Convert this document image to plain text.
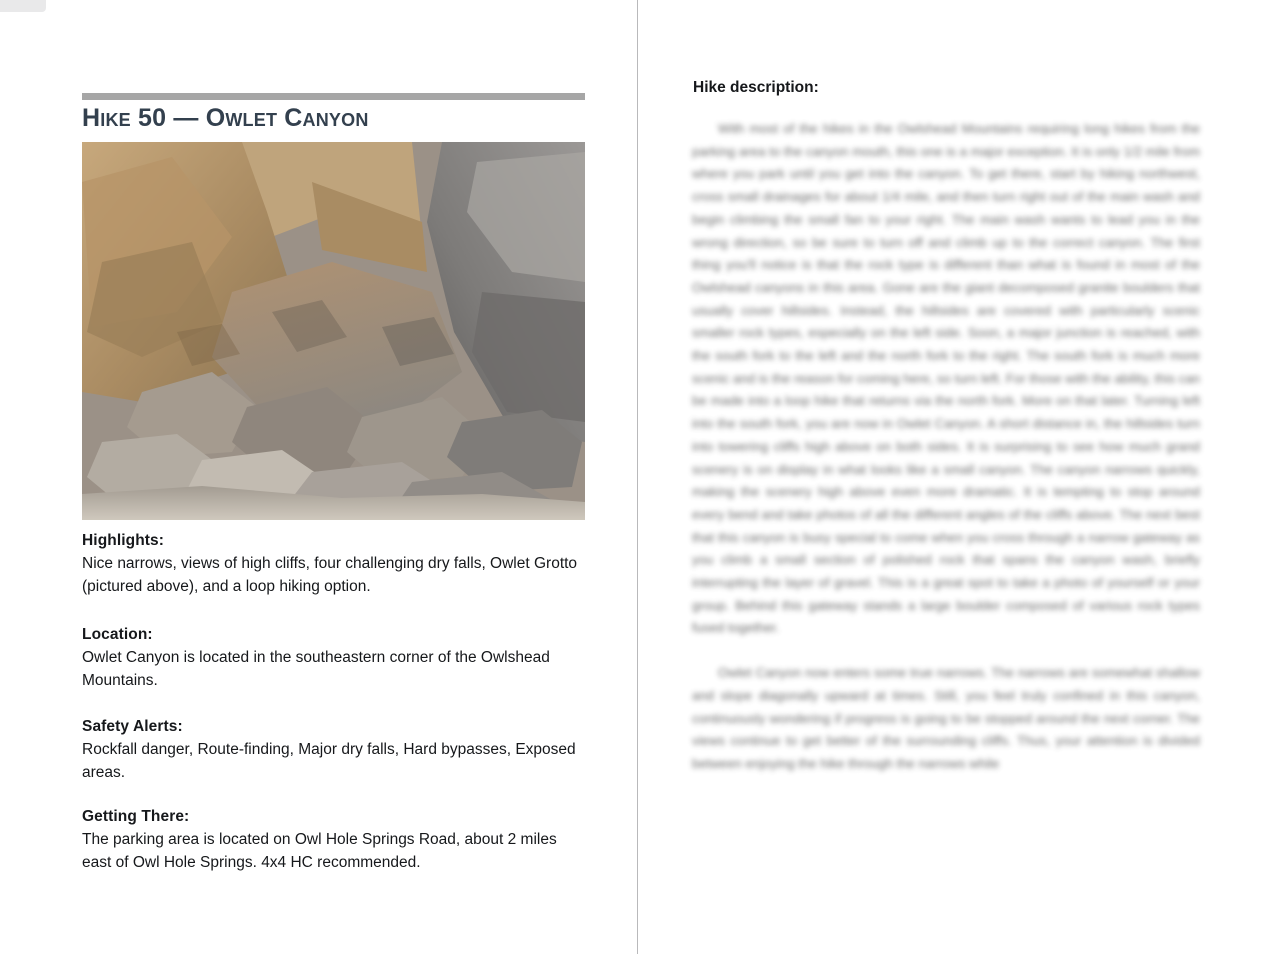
Hike 50 — Owlet Canyon
Highlights:

Nice narrows, views of high cliffs, four challenging dry falls, Owlet Grotto (pictured above), and a loop hiking option.

Location:

Owlet Canyon is located in the southeastern corner of the Owlshead Mountains.

Safety Alerts:

Rockfall danger, Route-finding, Major dry falls, Hard bypasses, Exposed areas.

Getting There:

The parking area is located on Owl Hole Springs Road, about 2 miles east of Owl Hole Springs. 4x4 HC recommended.

Hike description:

With most of the hikes in the Owlshead Mountains requiring long hikes from the parking area to the canyon mouth, this one is a major exception. It is only 1/2 mile from where you park until you get into the canyon. To get there, start by hiking northwest, cross small drainages for about 1/4 mile, and then turn right out of the main wash and begin climbing the small fan to your right. The main wash wants to lead you in the wrong direction, so be sure to turn off and climb up to the correct canyon. The first thing you'll notice is that the rock type is different than what is found in most of the Owlshead canyons in this area. Gone are the giant decomposed granite boulders that usually cover hillsides. Instead, the hillsides are covered with particularly scenic smaller rock types, especially on the left side. Soon, a major junction is reached, with the south fork to the left and the north fork to the right. The south fork is much more scenic and is the reason for coming here, so turn left. For those with the ability, this can be made into a loop hike that returns via the north fork. More on that later. Turning left into the south fork, you are now in Owlet Canyon. A short distance in, the hillsides turn into towering cliffs high above on both sides. It is surprising to see how much grand scenery is on display in what looks like a small canyon. The canyon narrows quickly, making the scenery high above even more dramatic. It is tempting to stop around every bend and take photos of all the different angles of the cliffs above. The next best that this canyon is busy special to come when you cross through a narrow gateway as you climb a small section of polished rock that spans the canyon wash, briefly interrupting the layer of gravel. This is a great spot to take a photo of yourself or your group. Behind this gateway stands a large boulder composed of various rock types fused together.

Owlet Canyon now enters some true narrows. The narrows are somewhat shallow and slope diagonally upward at times. Still, you feel truly confined in this canyon, continuously wondering if progress is going to be stopped around the next corner. The views continue to get better of the surrounding cliffs. Thus, your attention is divided between enjoying the hike through the narrows while
